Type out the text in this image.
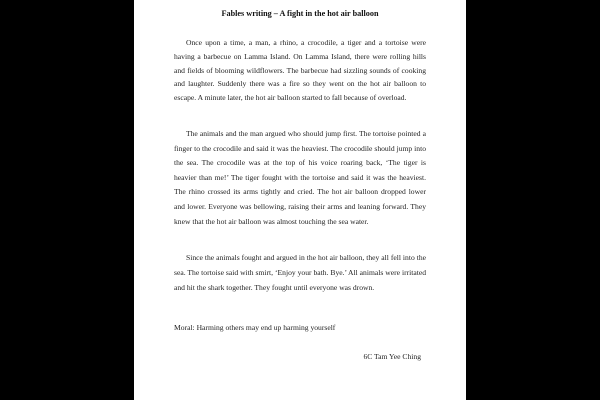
Fables writing – A fight in the hot air balloon

Once upon a time, a man, a rhino, a crocodile, a tiger and a tortoise were having a barbecue on Lamma Island. On Lamma Island, there were rolling hills and fields of blooming wildflowers. The barbecue had sizzling sounds of cooking and laughter. Suddenly there was a fire so they went on the hot air balloon to escape. A minute later, the hot air balloon started to fall because of overload.

The animals and the man argued who should jump first. The tortoise pointed a finger to the crocodile and said it was the heaviest. The crocodile should jump into the sea. The crocodile was at the top of his voice roaring back, ‘The tiger is heavier than me!’ The tiger fought with the tortoise and said it was the heaviest. The rhino crossed its arms tightly and cried. The hot air balloon dropped lower and lower. Everyone was bellowing, raising their arms and leaning forward. They knew that the hot air balloon was almost touching the sea water.

Since the animals fought and argued in the hot air balloon, they all fell into the sea. The tortoise said with smirt, ‘Enjoy your bath. Bye.’ All animals were irritated and hit the shark together. They fought until everyone was drown.

Moral: Harming others may end up harming yourself
6C Tam Yee Ching
